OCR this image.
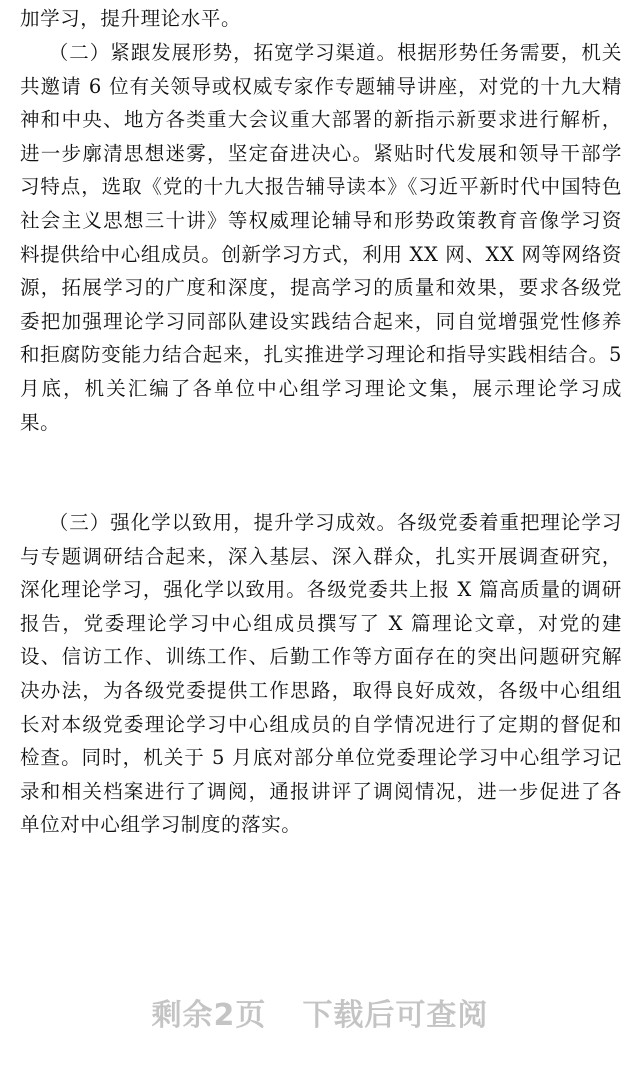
加学习，提升理论水平。

（二）紧跟发展形势，拓宽学习渠道。根据形势任务需要，机关共邀请 6 位有关领导或权威专家作专题辅导讲座，对党的十九大精神和中央、地方各类重大会议重大部署的新指示新要求进行解析，进一步廓清思想迷雾，坚定奋进决心。紧贴时代发展和领导干部学习特点，选取《党的十九大报告辅导读本》《习近平新时代中国特色社会主义思想三十讲》等权威理论辅导和形势政策教育音像学习资料提供给中心组成员。创新学习方式，利用 XX 网、XX 网等网络资源，拓展学习的广度和深度，提高学习的质量和效果，要求各级党委把加强理论学习同部队建设实践结合起来，同自觉增强党性修养和拒腐防变能力结合起来，扎实推进学习理论和指导实践相结合。5 月底，机关汇编了各单位中心组学习理论文集，展示理论学习成果。

（三）强化学以致用，提升学习成效。各级党委着重把理论学习与专题调研结合起来，深入基层、深入群众，扎实开展调查研究，深化理论学习，强化学以致用。各级党委共上报 X 篇高质量的调研报告，党委理论学习中心组成员撰写了 X 篇理论文章，对党的建设、信访工作、训练工作、后勤工作等方面存在的突出问题研究解决办法，为各级党委提供工作思路，取得良好成效，各级中心组组长对本级党委理论学习中心组成员的自学情况进行了定期的督促和检查。同时，机关于 5 月底对部分单位党委理论学习中心组学习记录和相关档案进行了调阅，通报讲评了调阅情况，进一步促进了各单位对中心组学习制度的落实。

剩余2页 下载后可查阅
